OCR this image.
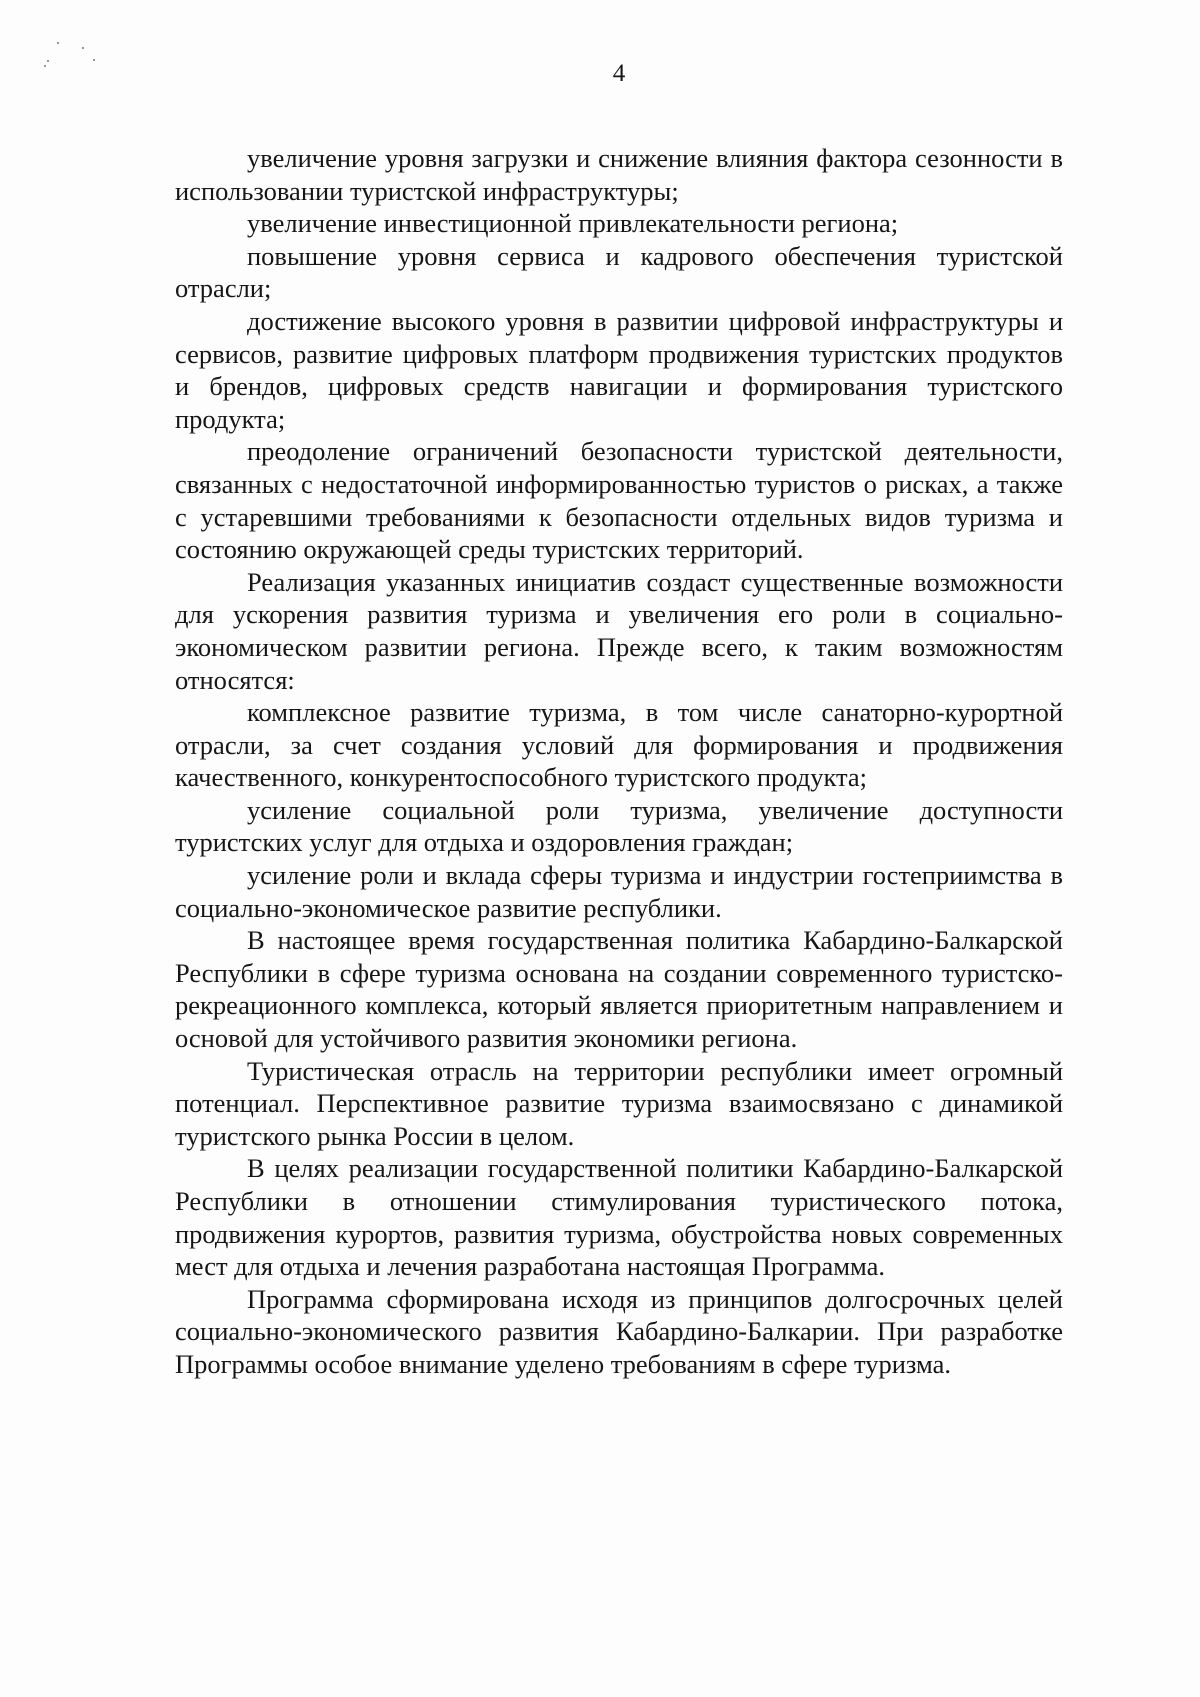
4

увеличение уровня загрузки и снижение влияния фактора сезонности в использовании туристской инфраструктуры;

увеличение инвестиционной привлекательности региона;

повышение уровня сервиса и кадрового обеспечения туристской отрасли;

достижение высокого уровня в развитии цифровой инфраструктуры и сервисов, развитие цифровых платформ продвижения туристских продуктов и брендов, цифровых средств навигации и формирования туристского продукта;

преодоление ограничений безопасности туристской деятельности, связанных с недостаточной информированностью туристов о рисках, а также с устаревшими требованиями к безопасности отдельных видов туризма и состоянию окружающей среды туристских территорий.

Реализация указанных инициатив создаст существенные возможности для ускорения развития туризма и увеличения его роли в социально-экономическом развитии региона. Прежде всего, к таким возможностям относятся:

комплексное развитие туризма, в том числе санаторно-курортной отрасли, за счет создания условий для формирования и продвижения качественного, конкурентоспособного туристского продукта;

усиление социальной роли туризма, увеличение доступности туристских услуг для отдыха и оздоровления граждан;

усиление роли и вклада сферы туризма и индустрии гостеприимства в социально-экономическое развитие республики.

В настоящее время государственная политика Кабардино-Балкарской Республики в сфере туризма основана на создании современного туристско-рекреационного комплекса, который является приоритетным направлением и основой для устойчивого развития экономики региона.

Туристическая отрасль на территории республики имеет огромный потенциал. Перспективное развитие туризма взаимосвязано с динамикой туристского рынка России в целом.

В целях реализации государственной политики Кабардино-Балкарской Республики в отношении стимулирования туристического потока, продвижения курортов, развития туризма, обустройства новых современных мест для отдыха и лечения разработана настоящая Программа.

Программа сформирована исходя из принципов долгосрочных целей социально-экономического развития Кабардино-Балкарии. При разработке Программы особое внимание уделено требованиям в сфере туризма.
